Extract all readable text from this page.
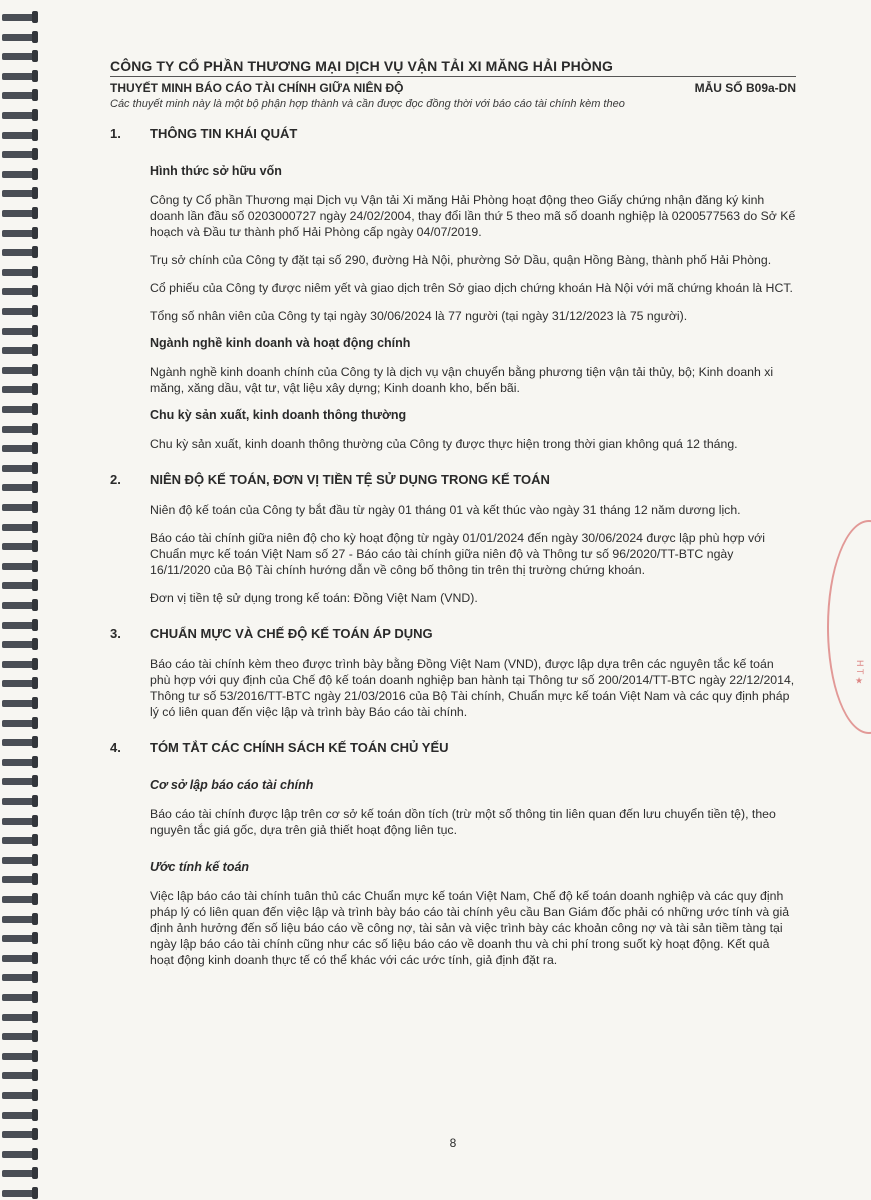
H T ★
CÔNG TY CỔ PHẦN THƯƠNG MẠI DỊCH VỤ VẬN TẢI XI MĂNG HẢI PHÒNG
THUYẾT MINH BÁO CÁO TÀI CHÍNH GIỮA NIÊN ĐỘ	MẪU SỐ B09a-DN
Các thuyết minh này là một bộ phận hợp thành và cần được đọc đồng thời với báo cáo tài chính kèm theo
1.	THÔNG TIN KHÁI QUÁT
Hình thức sở hữu vốn

Công ty Cổ phần Thương mại Dịch vụ Vận tải Xi măng Hải Phòng hoạt động theo Giấy chứng nhận đăng ký kinh doanh lần đầu số 0203000727 ngày 24/02/2004, thay đổi lần thứ 5 theo mã số doanh nghiệp là 0200577563 do Sở Kế hoạch và Đầu tư thành phố Hải Phòng cấp ngày 04/07/2019.

Trụ sở chính của Công ty đặt tại số 290, đường Hà Nội, phường Sở Dầu, quận Hồng Bàng, thành phố Hải Phòng.

Cổ phiếu của Công ty được niêm yết và giao dịch trên Sở giao dịch chứng khoán Hà Nội với mã chứng khoán là HCT.

Tổng số nhân viên của Công ty tại ngày 30/06/2024 là 77 người (tại ngày 31/12/2023 là 75 người).

Ngành nghề kinh doanh và hoạt động chính

Ngành nghề kinh doanh chính của Công ty là dịch vụ vận chuyển bằng phương tiện vận tải thủy, bộ; Kinh doanh xi măng, xăng dầu, vật tư, vật liệu xây dựng; Kinh doanh kho, bến bãi.

Chu kỳ sản xuất, kinh doanh thông thường

Chu kỳ sản xuất, kinh doanh thông thường của Công ty được thực hiện trong thời gian không quá 12 tháng.

2.	NIÊN ĐỘ KẾ TOÁN, ĐƠN VỊ TIỀN TỆ SỬ DỤNG TRONG KẾ TOÁN

Niên độ kế toán của Công ty bắt đầu từ ngày 01 tháng 01 và kết thúc vào ngày 31 tháng 12 năm dương lịch.

Báo cáo tài chính giữa niên độ cho kỳ hoạt động từ ngày 01/01/2024 đến ngày 30/06/2024 được lập phù hợp với Chuẩn mực kế toán Việt Nam số 27 - Báo cáo tài chính giữa niên độ và Thông tư số 96/2020/TT-BTC ngày 16/11/2020 của Bộ Tài chính hướng dẫn về công bố thông tin trên thị trường chứng khoán.

Đơn vị tiền tệ sử dụng trong kế toán: Đồng Việt Nam (VND).

3.	CHUẨN MỰC VÀ CHẾ ĐỘ KẾ TOÁN ÁP DỤNG

Báo cáo tài chính kèm theo được trình bày bằng Đồng Việt Nam (VND), được lập dựa trên các nguyên tắc kế toán phù hợp với quy định của Chế độ kế toán doanh nghiệp ban hành tại Thông tư số 200/2014/TT-BTC ngày 22/12/2014, Thông tư số 53/2016/TT-BTC ngày 21/03/2016 của Bộ Tài chính, Chuẩn mực kế toán Việt Nam và các quy định pháp lý có liên quan đến việc lập và trình bày Báo cáo tài chính.

4.	TÓM TẮT CÁC CHÍNH SÁCH KẾ TOÁN CHỦ YẾU
Cơ sở lập báo cáo tài chính

Báo cáo tài chính được lập trên cơ sở kế toán dồn tích (trừ một số thông tin liên quan đến lưu chuyển tiền tệ), theo nguyên tắc giá gốc, dựa trên giả thiết hoạt động liên tục.

Ước tính kế toán

Việc lập báo cáo tài chính tuân thủ các Chuẩn mực kế toán Việt Nam, Chế độ kế toán doanh nghiệp và các quy định pháp lý có liên quan đến việc lập và trình bày báo cáo tài chính yêu cầu Ban Giám đốc phải có những ước tính và giả định ảnh hưởng đến số liệu báo cáo về công nợ, tài sản và việc trình bày các khoản công nợ và tài sản tiềm tàng tại ngày lập báo cáo tài chính cũng như các số liệu báo cáo về doanh thu và chi phí trong suốt kỳ hoạt động. Kết quả hoạt động kinh doanh thực tế có thể khác với các ước tính, giả định đặt ra.

8
